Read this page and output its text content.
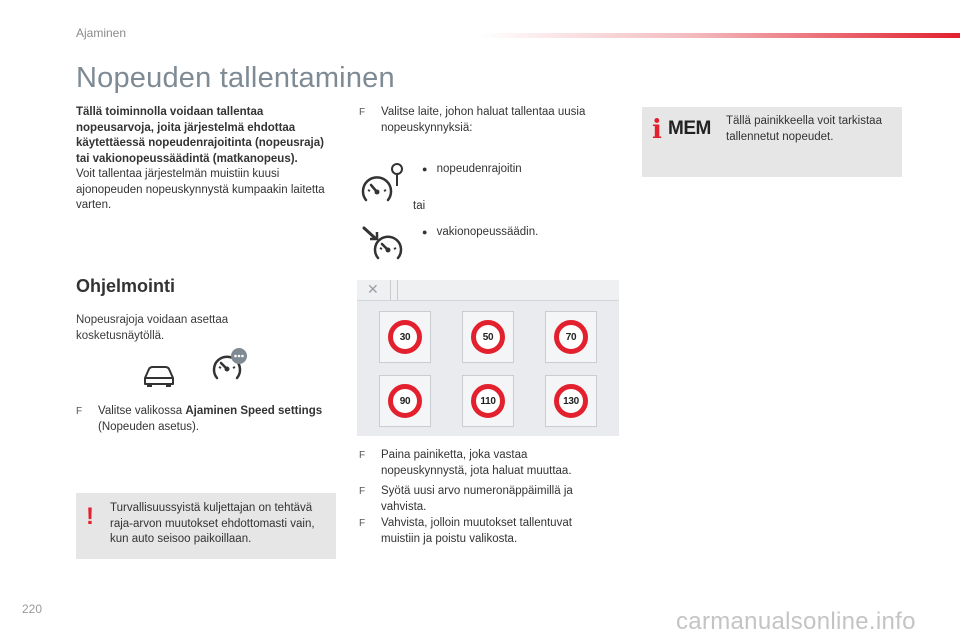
Ajaminen
Nopeuden tallentaminen
Tällä toiminnolla voidaan tallentaa nopeusarvoja, joita järjestelmä ehdottaa käytettäessä nopeudenrajoitinta (nopeusraja) tai vakionopeussäädintä (matkanopeus).
Voit tallentaa järjestelmän muistiin kuusi ajonopeuden nopeuskynnystä kumpaakin laitetta varten.
Ohjelmointi
Nopeusrajoja voidaan asettaa kosketusnäytöllä.
F	Valitse valikossa Ajaminen Speed settings (Nopeuden asetus).
! Turvallisuussyistä kuljettajan on tehtävä raja-arvon muutokset ehdottomasti vain, kun auto seisoo paikoillaan.
F	Valitse laite, johon haluat tallentaa uusia nopeuskynnyksiä:
● nopeudenrajoitin
tai
● vakionopeussäädin.
✕
30	50	70
90	110	130
F	Paina painiketta, joka vastaa nopeuskynnystä, jota haluat muuttaa.
F	Syötä uusi arvo numeronäppäimillä ja vahvista.
F	Vahvista, jolloin muutokset tallentuvat muistiin ja poistu valikosta.
i MEM Tällä painikkeella voit tarkistaa tallennetut nopeudet.
220	carmanualsonline.info
